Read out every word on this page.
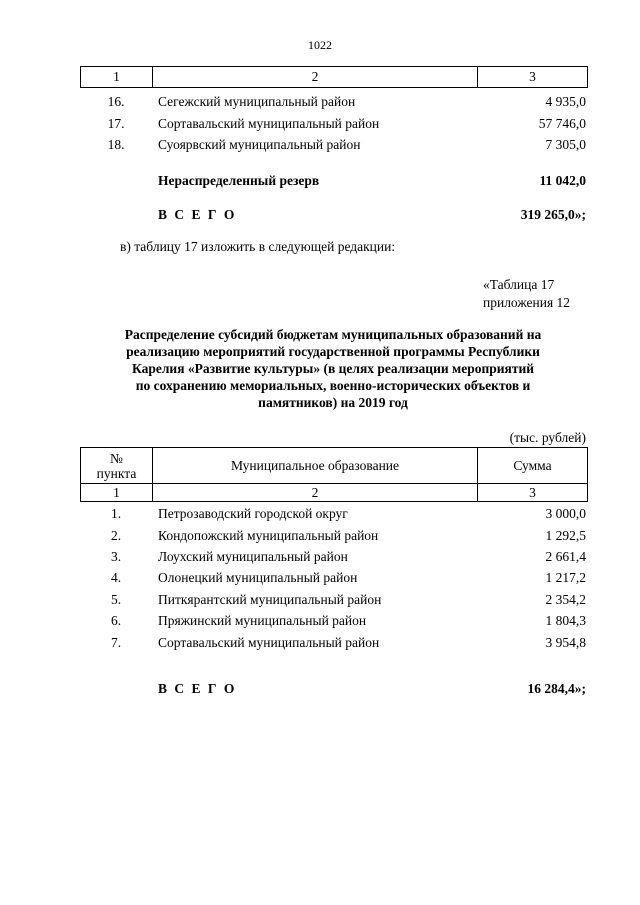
1022
1	2	3
16.	Сегежский муниципальный район	4 935,0
17.	Сортавальский муниципальный район	57 746,0
18.	Суоярвский муниципальный район	7 305,0
Нераспределенный резерв	11 042,0
В С Е Г О	319 265,0»;
в) таблицу 17 изложить в следующей редакции:
«Таблица 17
приложения 12
Распределение субсидий бюджетам муниципальных образований на
реализацию мероприятий государственной программы Республики
Карелия «Развитие культуры» (в целях реализации мероприятий
по сохранению мемориальных, военно-исторических объектов и
памятников) на 2019 год
(тыс. рублей)
№
пункта	Муниципальное образование	Сумма
1	2	3
1.	Петрозаводский городской округ	3 000,0
2.	Кондопожский муниципальный район	1 292,5
3.	Лоухский муниципальный район	2 661,4
4.	Олонецкий муниципальный район	1 217,2
5.	Питкярантский муниципальный район	2 354,2
6.	Пряжинский муниципальный район	1 804,3
7.	Сортавальский муниципальный район	3 954,8
В С Е Г О	16 284,4»;
